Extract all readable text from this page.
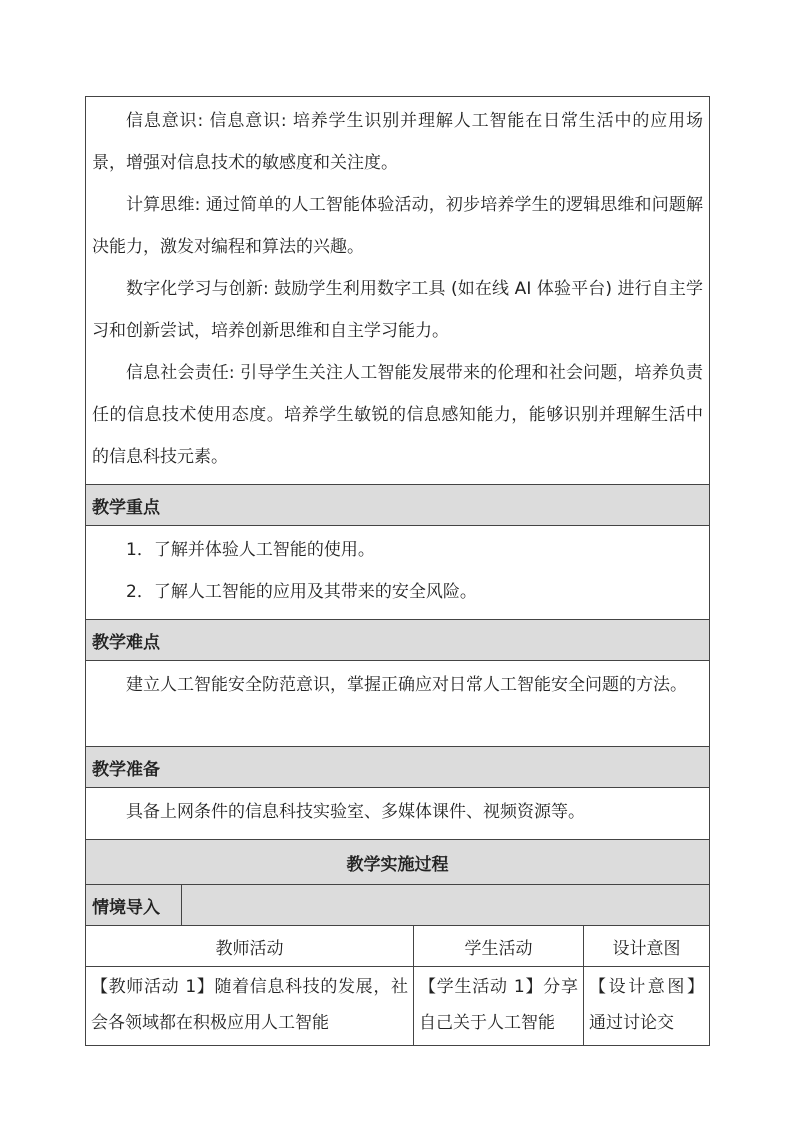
信息意识: 信息意识: 培养学生识别并理解人工智能在日常生活中的应用场景，增强对信息技术的敏感度和关注度。

计算思维: 通过简单的人工智能体验活动，初步培养学生的逻辑思维和问题解决能力，激发对编程和算法的兴趣。

数字化学习与创新: 鼓励学生利用数字工具 (如在线 AI 体验平台) 进行自主学习和创新尝试，培养创新思维和自主学习能力。

信息社会责任: 引导学生关注人工智能发展带来的伦理和社会问题，培养负责任的信息技术使用态度。培养学生敏锐的信息感知能力，能够识别并理解生活中的信息科技元素。			

教学重点			

1．了解并体验人工智能的使用。

2．了解人工智能的应用及其带来的安全风险。			

教学难点			

建立人工智能安全防范意识，掌握正确应对日常人工智能安全问题的方法。			

教学准备			

具备上网条件的信息科技实验室、多媒体课件、视频资源等。			

教学实施过程			
情境导入			
教师活动		学生活动	设计意图

【教师活动 1】随着信息科技的发展，社会各领域都在积极应用人工智能		【学生活动 1】分享自己关于人工智能	【设计意图】通过讨论交
